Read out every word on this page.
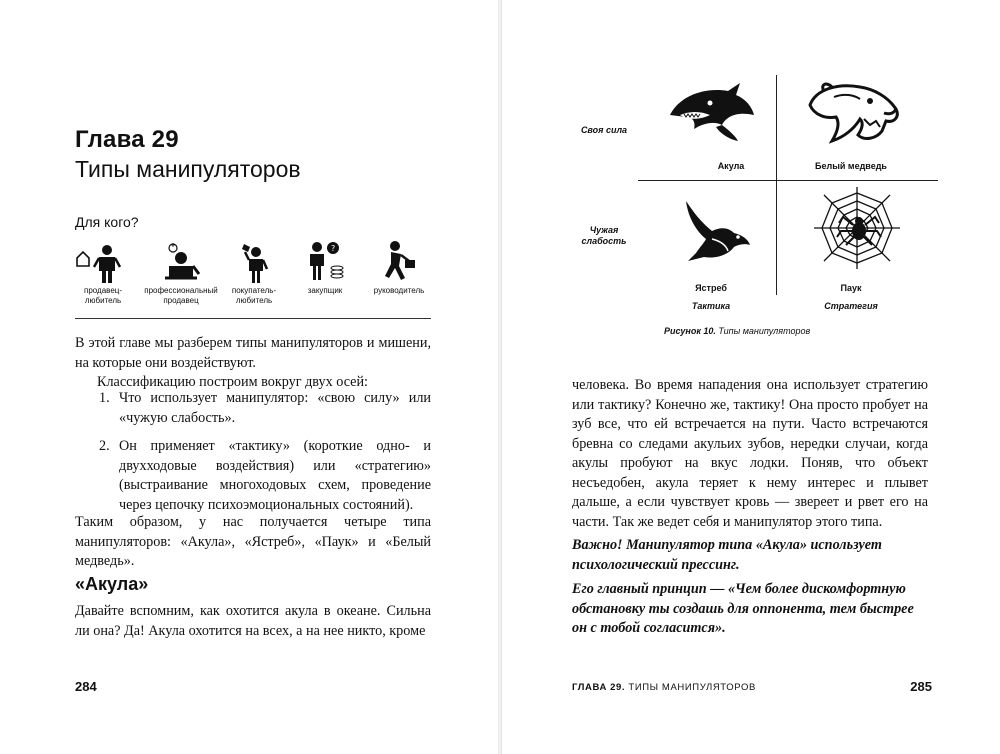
Глава 29
Типы манипуляторов
Для кого?
продавец-
любитель
профессиональный
продавец
покупатель-
любитель
?
закупщик	руководитель

В этой главе мы разберем типы манипуляторов и мишени, на которые они воздействуют.

Классификацию построим вокруг двух осей:

1. Что использует манипулятор: «свою силу» или «чужую слабость».
2. Он применяет «тактику» (короткие одно- и двухходовые воздействия) или «стратегию» (выстраивание многоходовых схем, проведение через цепочку психоэмоциональных состояний).

Таким образом, у нас получается четыре типа манипуляторов: «Акула», «Ястреб», «Паук» и «Белый медведь».

«Акула»

Давайте вспомним, как охотится акула в океане. Сильна ли она? Да! Акула охотится на всех, а на нее никто, кроме

284
Своя сила
Чужая
слабость
Акула	Белый медведь
Ястреб	Паук
Тактика	Стратегия
Рисунок 10. Типы манипуляторов

человека. Во время нападения она использует стратегию или тактику? Конечно же, тактику! Она просто пробует на зуб все, что ей встречается на пути. Часто встречаются бревна со следами акульих зубов, нередки случаи, когда акулы пробуют на вкус лодки. Поняв, что объект несъедобен, акула теряет к нему интерес и плывет дальше, а если чувствует кровь — звереет и рвет его на части. Так же ведет себя и манипулятор этого типа.

Важно! Манипулятор типа «Акула» использует психологический прессинг.

Его главный принцип — «Чем более дискомфортную обстановку ты создашь для оппонента, тем быстрее он с тобой согласится».

ГЛАВА 29. ТИПЫ МАНИПУЛЯТОРОВ	285
